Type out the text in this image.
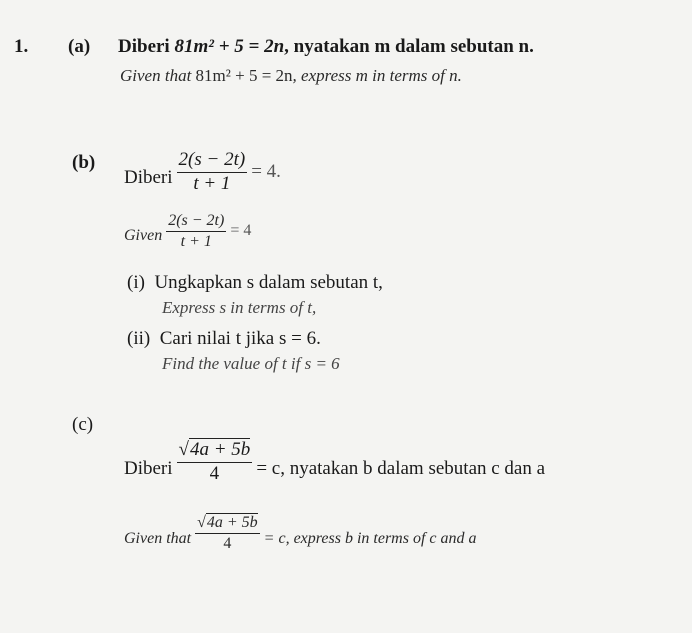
1. (a) Diberi 81m² + 5 = 2n, nyatakan m dalam sebutan n.
Given that 81m² + 5 = 2n, express m in terms of n.
(b)
Diberi $\frac{2(s - 2t)}{t + 1} = 4$.
Given $\frac{2(s - 2t)}{t + 1} = 4$
(i) Ungkapkan s dalam sebutan t,
Express s in terms of t,
(ii) Cari nilai t jika s = 6.
Find the value of t if s = 6
(c)
Diberi $\frac{√4a + 5b}{4} = c$, nyatakan b dalam sebutan c dan a
Given that $\frac{√4a + 5b}{4} = c$, express b in terms of c and a
